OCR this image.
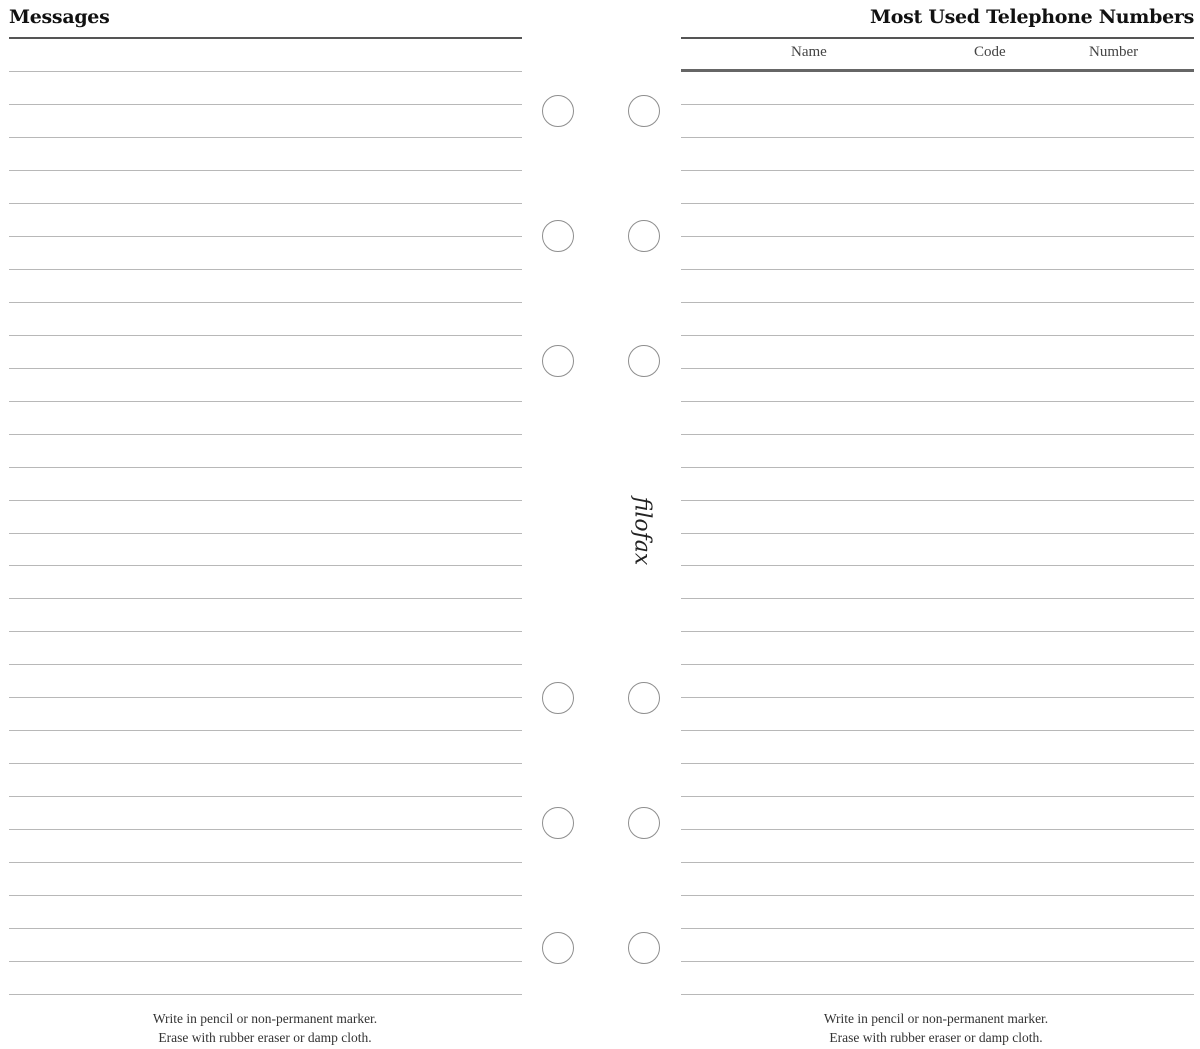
Messages

Write in pencil or non-permanent marker.

Erase with rubber eraser or damp cloth.

filofax
Most Used Telephone Numbers
Name	Code	Number

Write in pencil or non-permanent marker.

Erase with rubber eraser or damp cloth.
